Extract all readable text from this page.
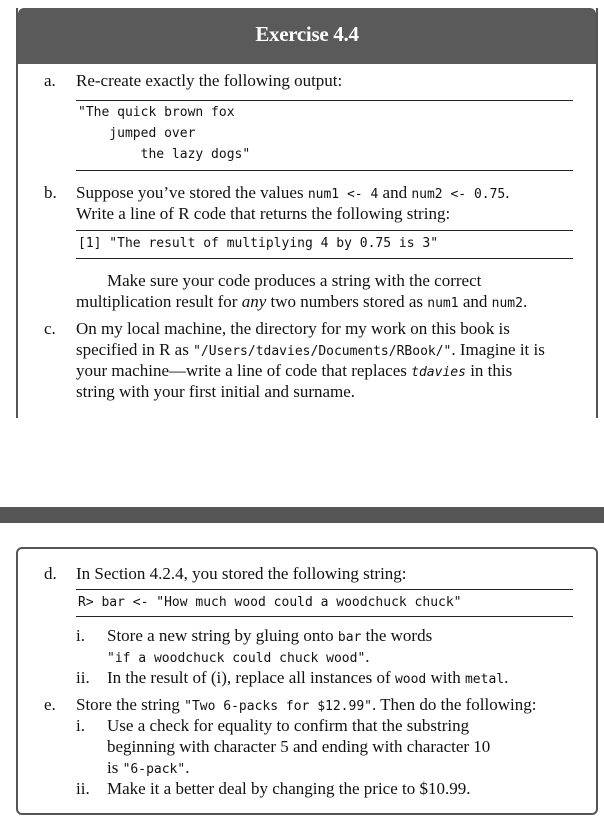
Exercise 4.4
a. Re-create exactly the following output:
"The quick brown fox
jumped over
the lazy dogs"
b. Suppose you’ve stored the values num1 <- 4 and num2 <- 0.75.
Write a line of R code that returns the following string:
[1] "The result of multiplying 4 by 0.75 is 3"
Make sure your code produces a string with the correct
multiplication result for any two numbers stored as num1 and num2.
c. On my local machine, the directory for my work on this book is
specified in R as "/Users/tdavies/Documents/RBook/". Imagine it is
your machine—write a line of code that replaces tdavies in this
string with your first initial and surname.
d. In Section 4.2.4, you stored the following string:
R> bar <- "How much wood could a woodchuck chuck"
i. Store a new string by gluing onto bar the words
"if a woodchuck could chuck wood".
ii. In the result of (i), replace all instances of wood with metal.
e. Store the string "Two 6-packs for $12.99". Then do the following:
i. Use a check for equality to confirm that the substring
beginning with character 5 and ending with character 10
is "6-pack".
ii. Make it a better deal by changing the price to $10.99.
